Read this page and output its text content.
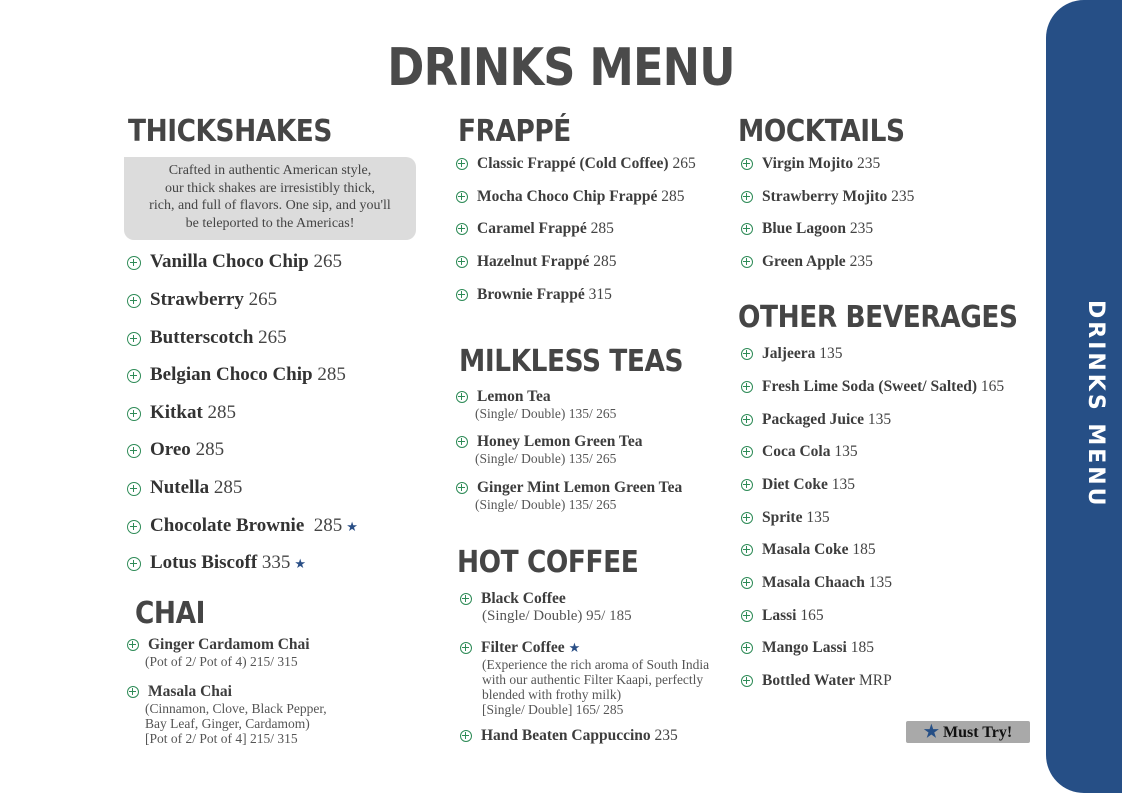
DRINKS MENU
DRINKS MENU
THICKSHAKES
Crafted in authentic American style,
our thick shakes are irresistibly thick,
rich, and full of flavors. One sip, and you'll
be teleported to the Americas!
Vanilla Choco Chip 265
Strawberry 265
Butterscotch 265
Belgian Choco Chip 285
Kitkat 285
Oreo 285
Nutella 285
Chocolate Brownie 285 ★
Lotus Biscoff 335 ★
CHAI
Ginger Cardamom Chai
(Pot of 2/ Pot of 4) 215/ 315
Masala Chai
(Cinnamon, Clove, Black Pepper,
Bay Leaf, Ginger, Cardamom)
[Pot of 2/ Pot of 4] 215/ 315
FRAPPÉ
Classic Frappé (Cold Coffee) 265
Mocha Choco Chip Frappé 285
Caramel Frappé 285
Hazelnut Frappé 285
Brownie Frappé 315
MILKLESS TEAS
Lemon Tea
(Single/ Double) 135/ 265
Honey Lemon Green Tea
(Single/ Double) 135/ 265
Ginger Mint Lemon Green Tea
(Single/ Double) 135/ 265
HOT COFFEE
Black Coffee
(Single/ Double) 95/ 185
Filter Coffee ★
(Experience the rich aroma of South India
with our authentic Filter Kaapi, perfectly
blended with frothy milk)
[Single/ Double] 165/ 285
Hand Beaten Cappuccino 235
MOCKTAILS
Virgin Mojito 235
Strawberry Mojito 235
Blue Lagoon 235
Green Apple 235
OTHER BEVERAGES
Jaljeera 135
Fresh Lime Soda (Sweet/ Salted) 165
Packaged Juice 135
Coca Cola 135
Diet Coke 135
Sprite 135
Masala Coke 185
Masala Chaach 135
Lassi 165
Mango Lassi 185
Bottled Water MRP
★ Must Try!
